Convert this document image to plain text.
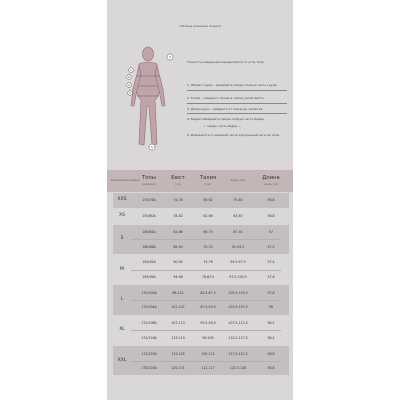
Таблица размеров модели
3
1
2
4
5
S
Точность измерения определяется от угла тела
1. Обхват груди – измеряйте самую полную часть груди
2. Талия – измерьте талию в самом узком месте
3. Длина руки – измерьте от плеча до запястья
4. Бедра: Измеряйте самую полную часть бедер
— самую часть бедра —
S. Измеряется от верхней части внутренней ноги до пола
Европейский размер Топы
сантиметр
Бюст
(см)
Талия
(см)
бедра (см)	Длина
рукав (см)
XXS	155/76A	74-78	58-62	79-83	56.8
XS	155/80A	78-82	62-66	83-87	56.8
S
160/84A	82-86	66-70	87-91	57
160/88A	86-90	70-74	91-94.5	57.2
M
165/92A	90-94	74-78	94.5-97.5	57.4
165/96A	94-98	78-82.5	97.5-100.5	57.6
L
170/100A	98-102	82.5-87.5	100.5-103.5	57.8
170/104A	102-107	87.5-93.5	103.5-107.5	58
XL
170/108A	107-113	93.5-99.5	107.5-112.5	58.2
170/116A	113-119	99-105	112.5-117.5	58.4
XXL
170/120A	119-125	105-111	117.5-122.5	58.6
170/128A	125-131	111-117	122.5-128	58.8
